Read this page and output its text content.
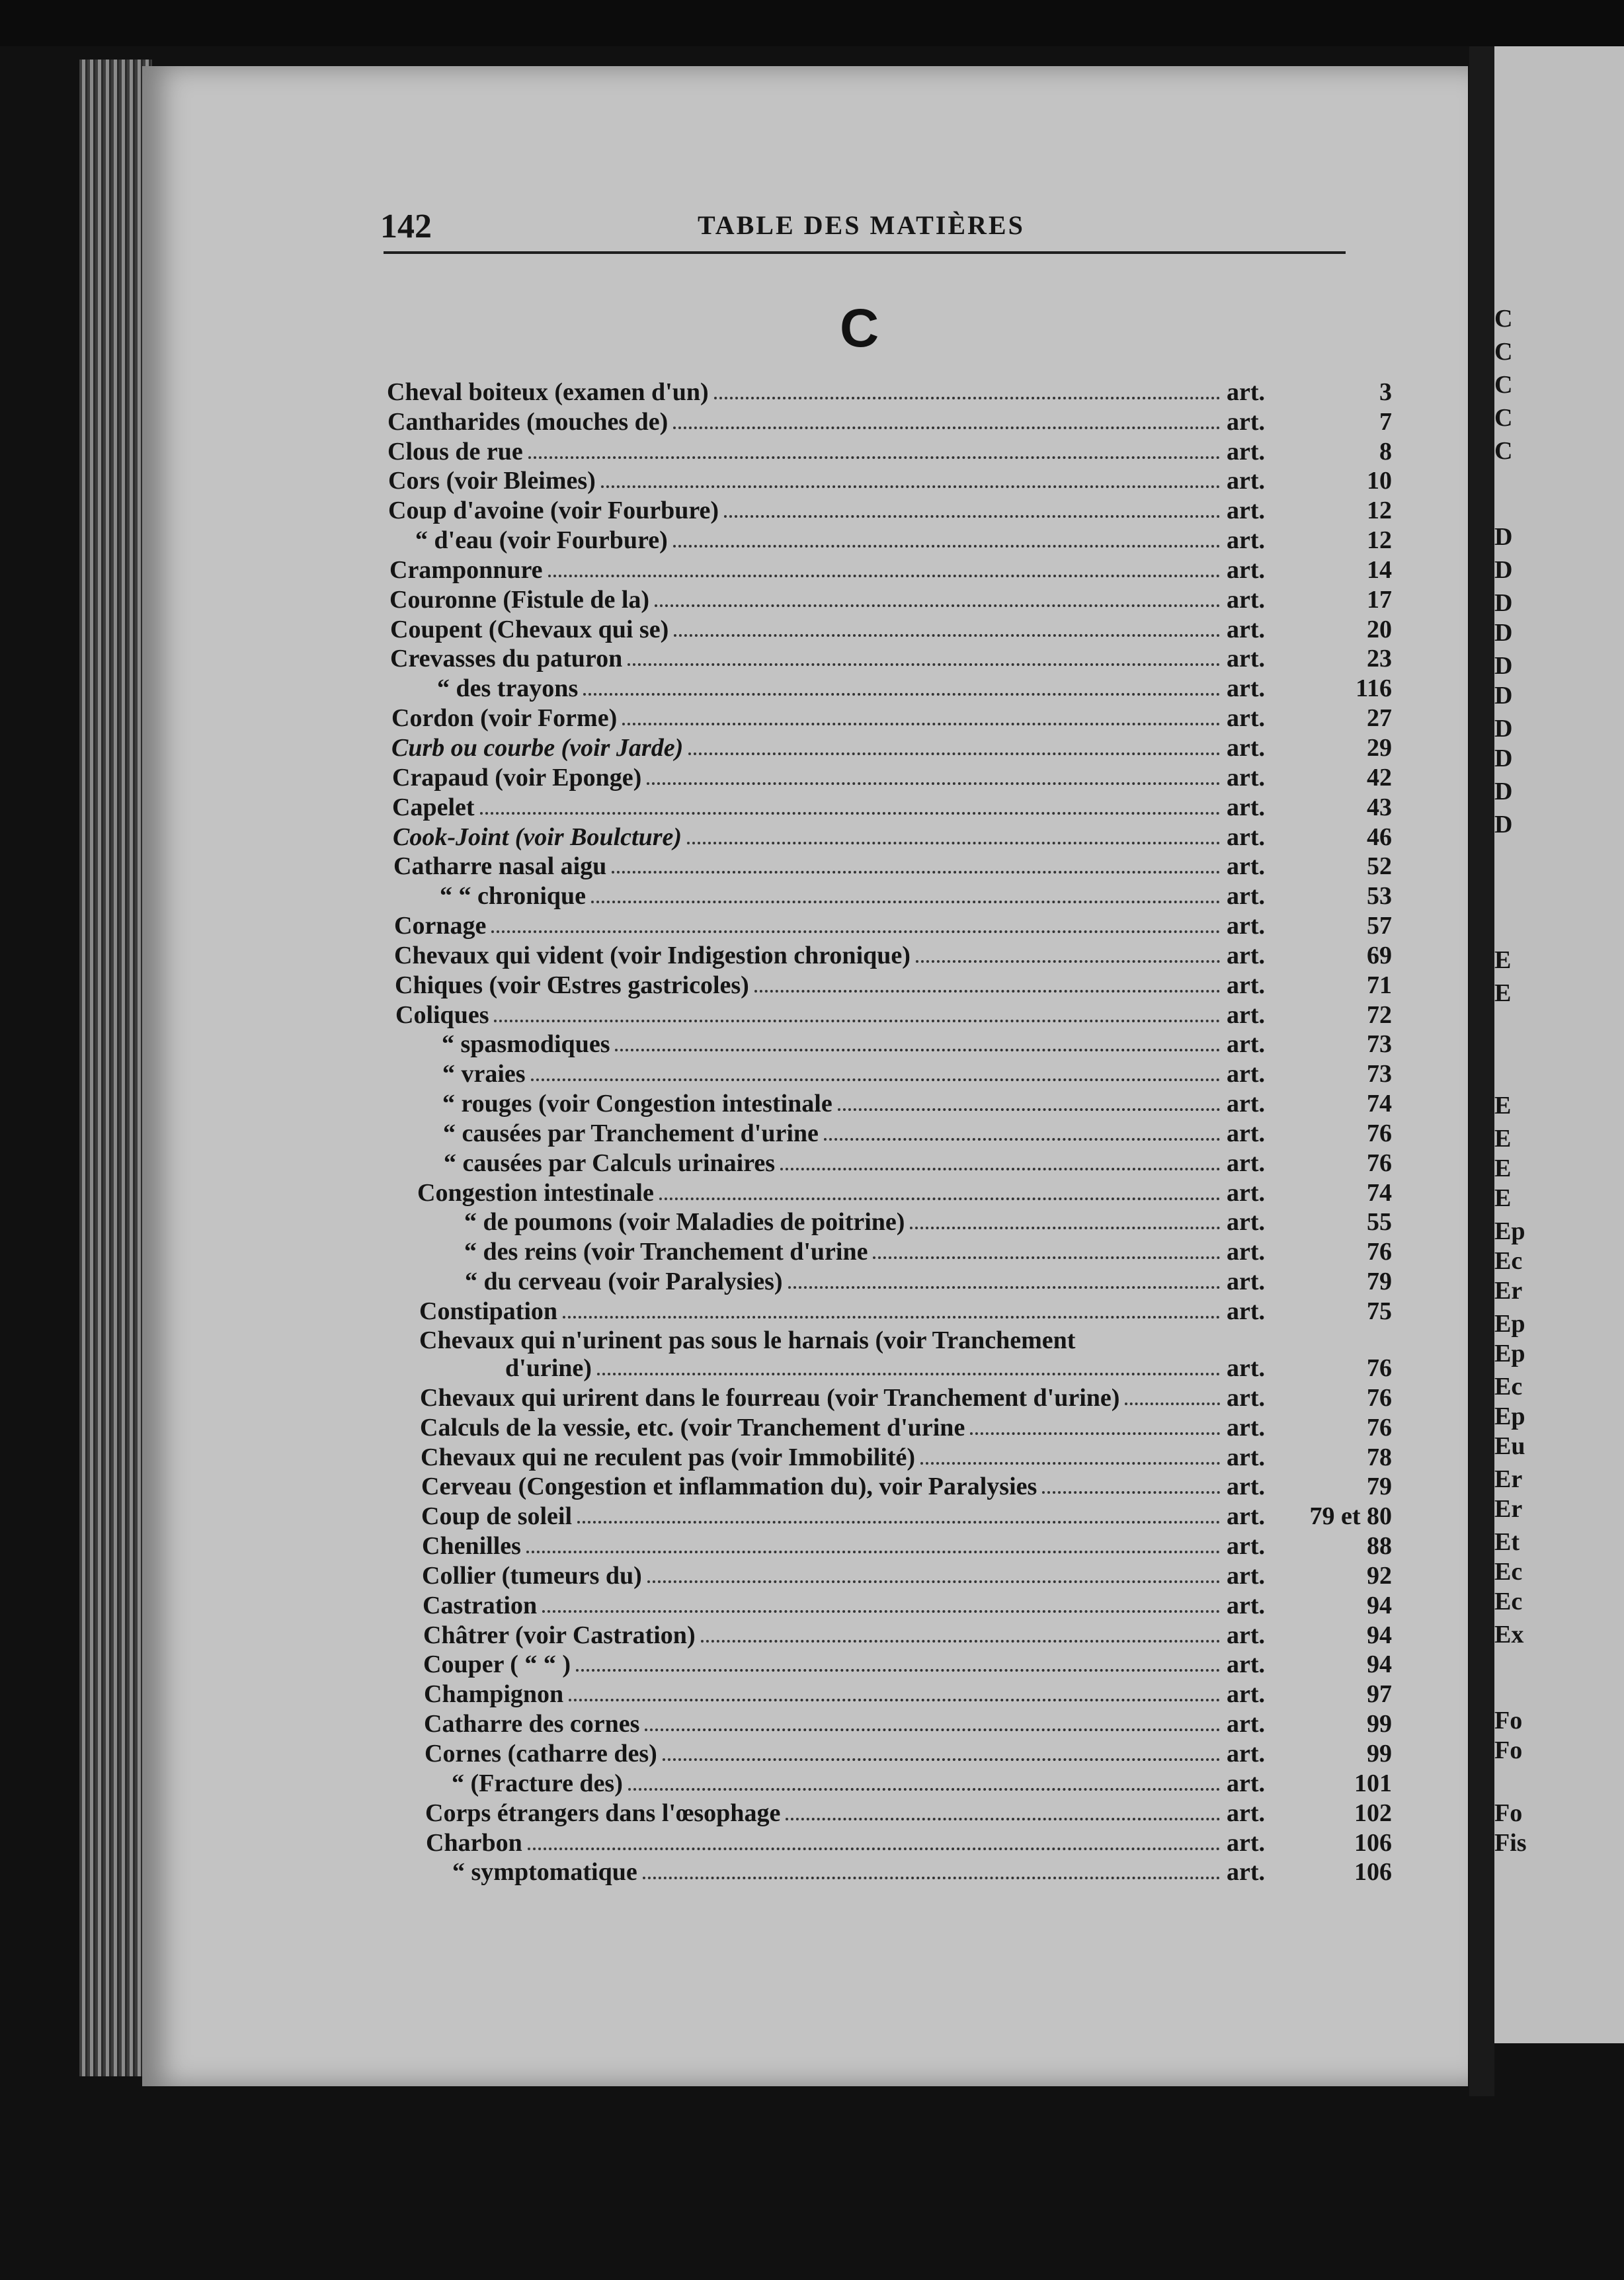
C
C
C
C
C
D
D
D
D
D
D
D
D
D
D
E
E
E
E
E
E
Ep
Ec
Er
Ep
Ep
Ec
Ep
Eu
Er
Er
Et
Ec
Ec
Ex
Fo
Fo
Fo
Fis
142	TABLE DES MATIÈRES
C
Cheval boiteux (examen d'un)	art.	3
Cantharides (mouches de)	art.	7
Clous de rue	art.	8
Cors (voir Bleimes)	art.	10
Coup d'avoine (voir Fourbure)	art.	12
“ d'eau (voir Fourbure)	art.	12
Cramponnure	art.	14
Couronne (Fistule de la)	art.	17
Coupent (Chevaux qui se)	art.	20
Crevasses du paturon	art.	23
“ des trayons	art.	116
Cordon (voir Forme)	art.	27
Curb ou courbe (voir Jarde)	art.	29
Crapaud (voir Eponge)	art.	42
Capelet	art.	43
Cook-Joint (voir Boulcture)	art.	46
Catharre nasal aigu	art.	52
“ “ chronique	art.	53
Cornage	art.	57
Chevaux qui vident (voir Indigestion chronique)	art.	69
Chiques (voir Œstres gastricoles)	art.	71
Coliques	art.	72
“ spasmodiques	art.	73
“ vraies	art.	73
“ rouges (voir Congestion intestinale	art.	74
“ causées par Tranchement d'urine	art.	76
“ causées par Calculs urinaires	art.	76
Congestion intestinale	art.	74
“ de poumons (voir Maladies de poitrine)	art.	55
“ des reins (voir Tranchement d'urine	art.	76
“ du cerveau (voir Paralysies)	art.	79
Constipation	art.	75
Chevaux qui n'urinent pas sous le harnais (voir Tranchement
d'urine)	art.	76
Chevaux qui urirent dans le fourreau (voir Tranchement d'urine)	art.	76
Calculs de la vessie, etc. (voir Tranchement d'urine	art.	76
Chevaux qui ne reculent pas (voir Immobilité)	art.	78
Cerveau (Congestion et inflammation du), voir Paralysies	art.	79
Coup de soleil	art.	79 et 80
Chenilles	art.	88
Collier (tumeurs du)	art.	92
Castration	art.	94
Châtrer (voir Castration)	art.	94
Couper ( “ “ )	art.	94
Champignon	art.	97
Catharre des cornes	art.	99
Cornes (catharre des)	art.	99
“ (Fracture des)	art.	101
Corps étrangers dans l'œsophage	art.	102
Charbon	art.	106
“ symptomatique	art.	106
